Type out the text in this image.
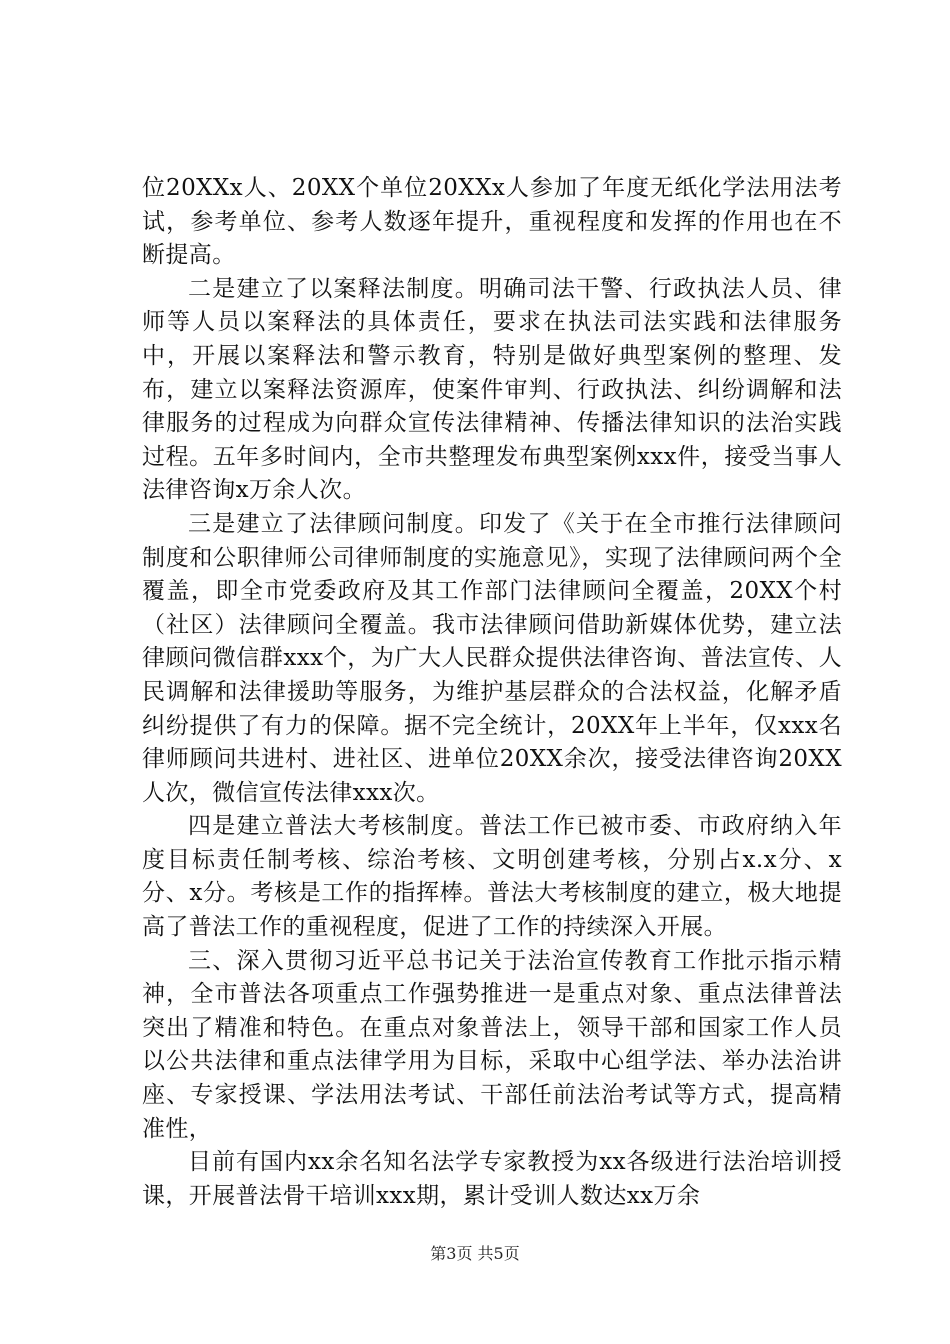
位20XXx人、20XX个单位20XXx人参加了年度无纸化学法用法考试，参考单位、参考人数逐年提升，重视程度和发挥的作用也在不断提高。

二是建立了以案释法制度。明确司法干警、行政执法人员、律师等人员以案释法的具体责任，要求在执法司法实践和法律服务中，开展以案释法和警示教育，特别是做好典型案例的整理、发布，建立以案释法资源库，使案件审判、行政执法、纠纷调解和法律服务的过程成为向群众宣传法律精神、传播法律知识的法治实践过程。五年多时间内，全市共整理发布典型案例xxx件，接受当事人法律咨询x万余人次。

三是建立了法律顾问制度。印发了《关于在全市推行法律顾问制度和公职律师公司律师制度的实施意见》，实现了法律顾问两个全覆盖，即全市党委政府及其工作部门法律顾问全覆盖，20XX个村（社区）法律顾问全覆盖。我市法律顾问借助新媒体优势，建立法律顾问微信群xxx个，为广大人民群众提供法律咨询、普法宣传、人民调解和法律援助等服务，为维护基层群众的合法权益，化解矛盾纠纷提供了有力的保障。据不完全统计，20XX年上半年，仅xxx名律师顾问共进村、进社区、进单位20XX余次，接受法律咨询20XX人次，微信宣传法律xxx次。

四是建立普法大考核制度。普法工作已被市委、市政府纳入年度目标责任制考核、综治考核、文明创建考核，分别占x.x分、x分、x分。考核是工作的指挥棒。普法大考核制度的建立，极大地提高了普法工作的重视程度，促进了工作的持续深入开展。

三、深入贯彻习近平总书记关于法治宣传教育工作批示指示精神，全市普法各项重点工作强势推进一是重点对象、重点法律普法突出了精准和特色。在重点对象普法上，领导干部和国家工作人员以公共法律和重点法律学用为目标，采取中心组学法、举办法治讲座、专家授课、学法用法考试、干部任前法治考试等方式，提高精准性，

目前有国内xx余名知名法学专家教授为xx各级进行法治培训授课，开展普法骨干培训xxx期，累计受训人数达xx万余

第3页 共5页
